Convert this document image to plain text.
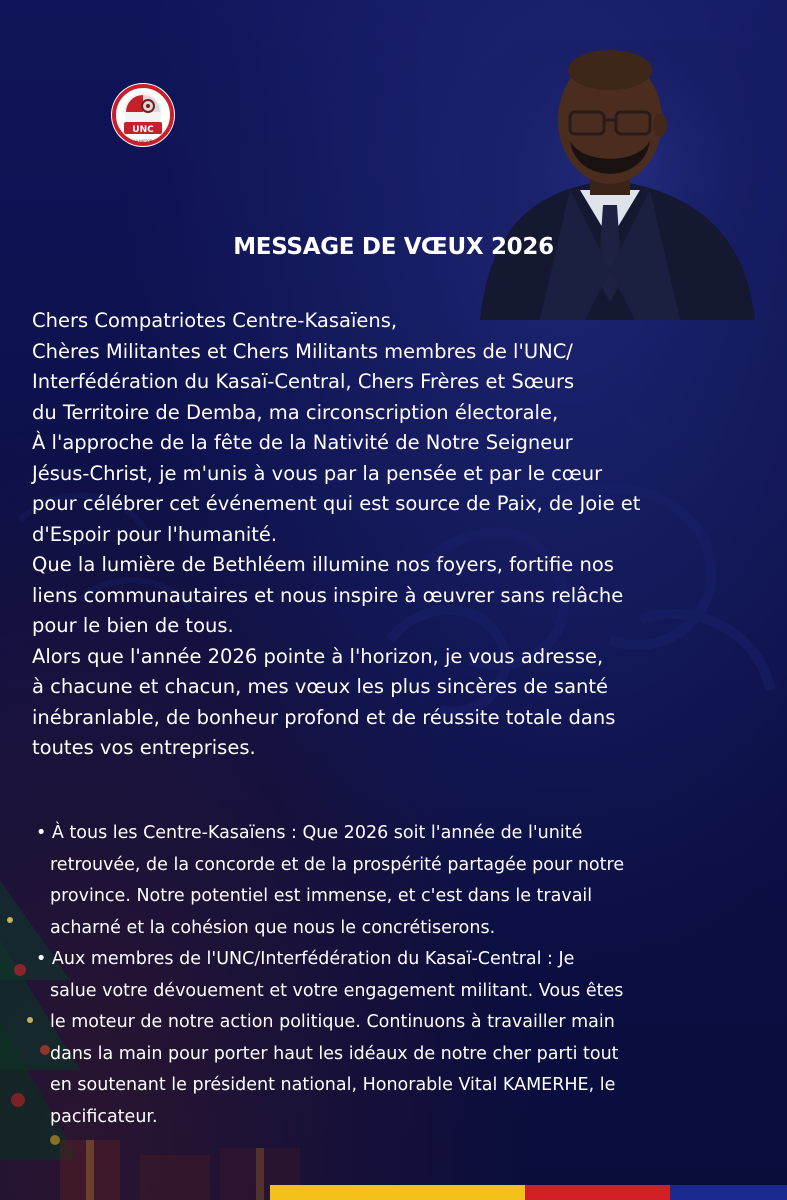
UNC
LA NATION
MESSAGE DE VŒUX 2026
Chers Compatriotes Centre-Kasaïens,
Chères Militantes et Chers Militants membres de l'UNC/
Interfédération du Kasaï-Central, Chers Frères et Sœurs
du Territoire de Demba, ma circonscription électorale,
À l'approche de la fête de la Nativité de Notre Seigneur
Jésus-Christ, je m'unis à vous par la pensée et par le cœur
pour célébrer cet événement qui est source de Paix, de Joie et
d'Espoir pour l'humanité.
Que la lumière de Bethléem illumine nos foyers, fortifie nos
liens communautaires et nous inspire à œuvrer sans relâche
pour le bien de tous.
Alors que l'année 2026 pointe à l'horizon, je vous adresse,
à chacune et chacun, mes vœux les plus sincères de santé
inébranlable, de bonheur profond et de réussite totale dans
toutes vos entreprises.
• À tous les Centre-Kasaïens : Que 2026 soit l'année de l'unité
retrouvée, de la concorde et de la prospérité partagée pour notre
province. Notre potentiel est immense, et c'est dans le travail
acharné et la cohésion que nous le concrétiserons.
• Aux membres de l'UNC/Interfédération du Kasaï-Central : Je
salue votre dévouement et votre engagement militant. Vous êtes
le moteur de notre action politique. Continuons à travailler main
dans la main pour porter haut les idéaux de notre cher parti tout
en soutenant le président national, Honorable Vital KAMERHE, le
pacificateur.
